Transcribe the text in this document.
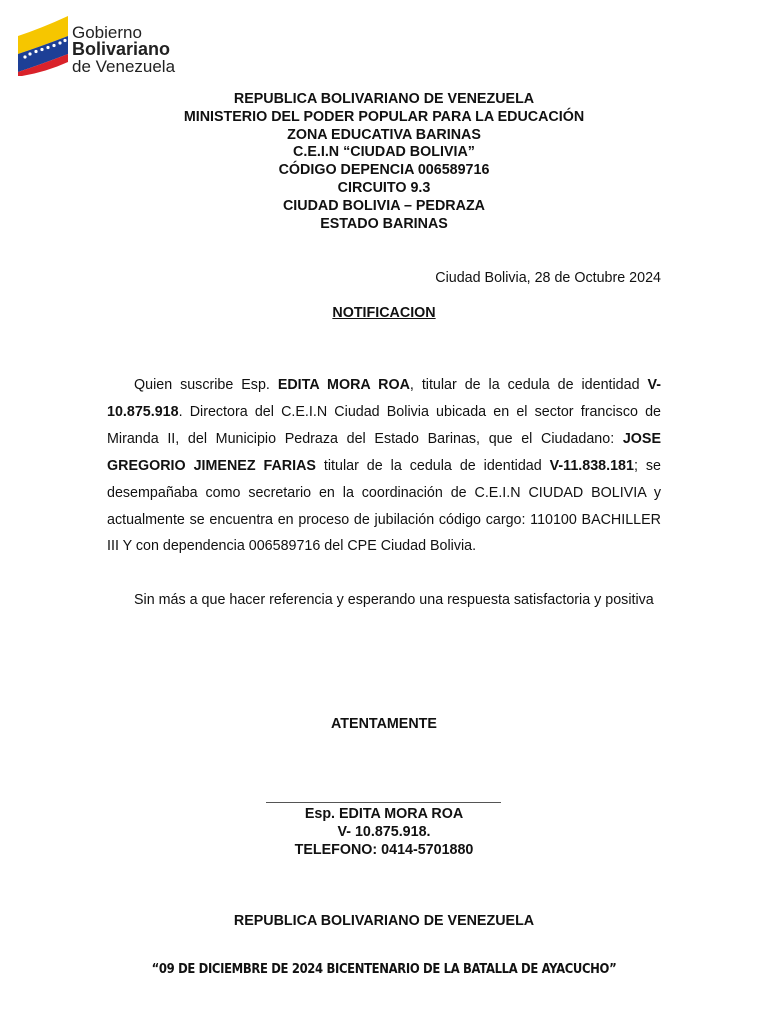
Gobierno
Bolivariano
de Venezuela
REPUBLICA BOLIVARIANO DE VENEZUELA
MINISTERIO DEL PODER POPULAR PARA LA EDUCACIÓN
ZONA EDUCATIVA BARINAS
C.E.I.N “CIUDAD BOLIVIA”
CÓDIGO DEPENCIA 006589716
CIRCUITO 9.3
CIUDAD BOLIVIA – PEDRAZA
ESTADO BARINAS
Ciudad Bolivia, 28 de Octubre 2024
NOTIFICACION
Quien suscribe Esp. EDITA MORA ROA, titular de la cedula de identidad V-10.875.918. Directora del C.E.I.N Ciudad Bolivia ubicada en el sector francisco de Miranda II, del Municipio Pedraza del Estado Barinas, que el Ciudadano: JOSE GREGORIO JIMENEZ FARIAS titular de la cedula de identidad V-11.838.181; se desempañaba como secretario en la coordinación de C.E.I.N CIUDAD BOLIVIA y actualmente se encuentra en proceso de jubilación código cargo: 110100 BACHILLER III Y con dependencia 006589716 del CPE Ciudad Bolivia.
Sin más a que hacer referencia y esperando una respuesta satisfactoria y positiva
ATENTAMENTE
Esp. EDITA MORA ROA
V- 10.875.918.
TELEFONO: 0414-5701880
REPUBLICA BOLIVARIANO DE VENEZUELA
“09 DE DICIEMBRE DE 2024 BICENTENARIO DE LA BATALLA DE AYACUCHO”
